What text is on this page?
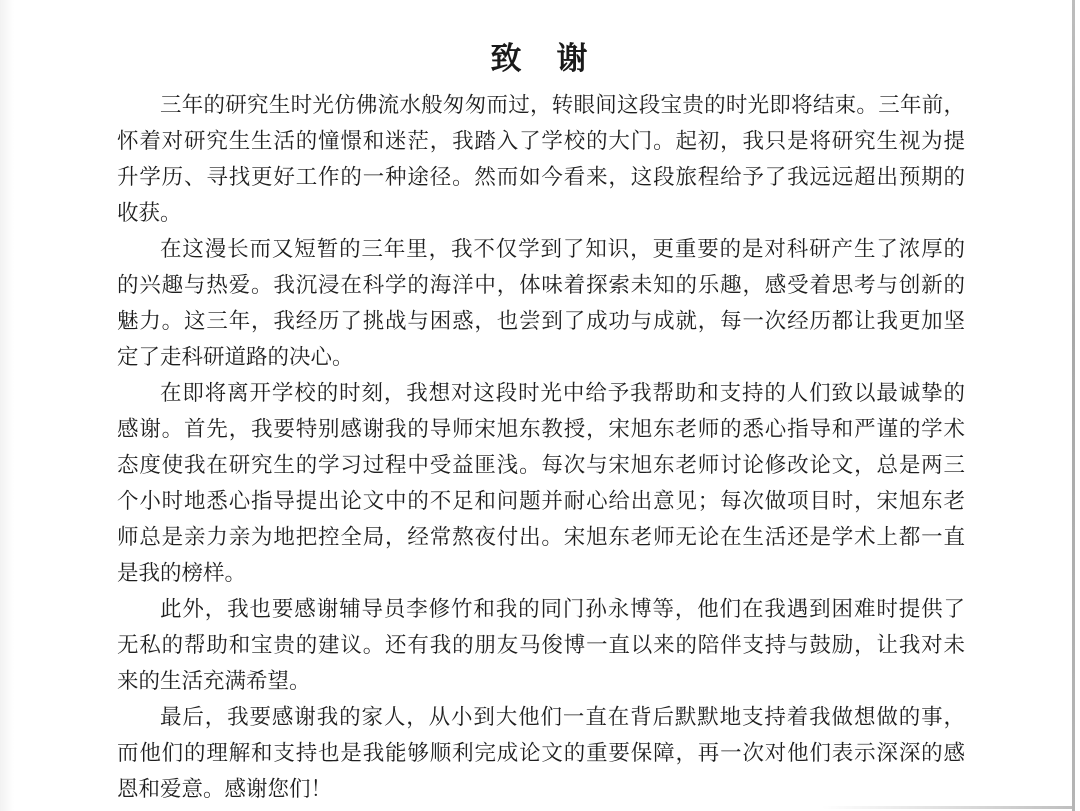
致　谢
三年的研究生时光仿佛流水般匆匆而过，转眼间这段宝贵的时光即将结束。三年前，
怀着对研究生生活的憧憬和迷茫，我踏入了学校的大门。起初，我只是将研究生视为提
升学历、寻找更好工作的一种途径。然而如今看来，这段旅程给予了我远远超出预期的
收获。
在这漫长而又短暂的三年里，我不仅学到了知识，更重要的是对科研产生了浓厚的
的兴趣与热爱。我沉浸在科学的海洋中，体味着探索未知的乐趣，感受着思考与创新的
魅力。这三年，我经历了挑战与困惑，也尝到了成功与成就，每一次经历都让我更加坚
定了走科研道路的决心。
在即将离开学校的时刻，我想对这段时光中给予我帮助和支持的人们致以最诚挚的
感谢。首先，我要特别感谢我的导师宋旭东教授，宋旭东老师的悉心指导和严谨的学术
态度使我在研究生的学习过程中受益匪浅。每次与宋旭东老师讨论修改论文，总是两三
个小时地悉心指导提出论文中的不足和问题并耐心给出意见；每次做项目时，宋旭东老
师总是亲力亲为地把控全局，经常熬夜付出。宋旭东老师无论在生活还是学术上都一直
是我的榜样。
此外，我也要感谢辅导员李修竹和我的同门孙永博等，他们在我遇到困难时提供了
无私的帮助和宝贵的建议。还有我的朋友马俊博一直以来的陪伴支持与鼓励，让我对未
来的生活充满希望。
最后，我要感谢我的家人，从小到大他们一直在背后默默地支持着我做想做的事，
而他们的理解和支持也是我能够顺利完成论文的重要保障，再一次对他们表示深深的感
恩和爱意。感谢您们！
